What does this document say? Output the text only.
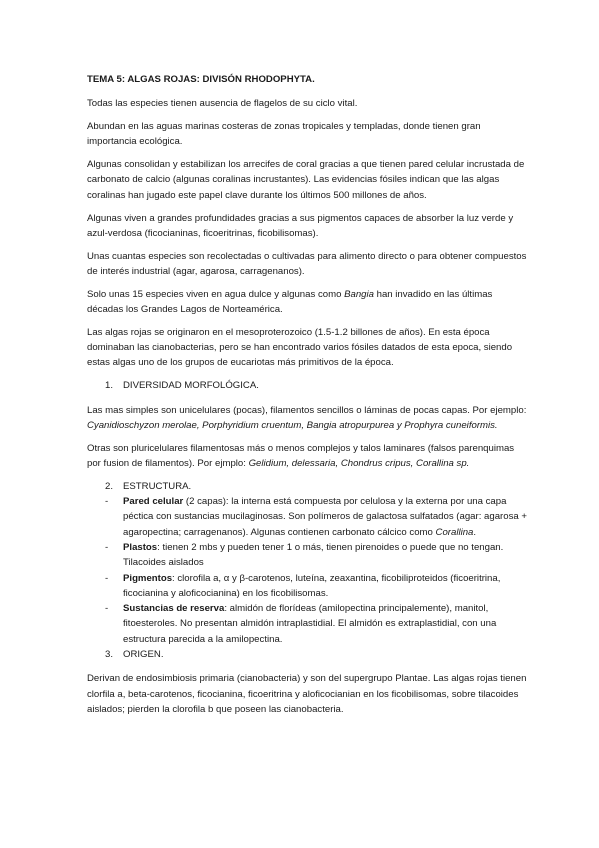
TEMA 5: ALGAS ROJAS: DIVISÓN RHODOPHYTA.

Todas las especies tienen ausencia de flagelos de su ciclo vital.

Abundan en las aguas marinas costeras de zonas tropicales y templadas, donde tienen gran importancia ecológica.

Algunas consolidan y estabilizan los arrecifes de coral gracias a que tienen pared celular incrustada de carbonato de calcio (algunas coralinas incrustantes). Las evidencias fósiles indican que las algas coralinas han jugado este papel clave durante los últimos 500 millones de años.

Algunas viven a grandes profundidades gracias a sus pigmentos capaces de absorber la luz verde y azul-verdosa (ficocianinas, ficoeritrinas, ficobilisomas).

Unas cuantas especies son recolectadas o cultivadas para alimento directo o para obtener compuestos de interés industrial (agar, agarosa, carragenanos).

Solo unas 15 especies viven en agua dulce y algunas como Bangia han invadido en las últimas décadas los Grandes Lagos de Norteamérica.

Las algas rojas se originaron en el mesoproterozoico (1.5-1.2 billones de años). En esta época dominaban las cianobacterias, pero se han encontrado varios fósiles datados de esta epoca, siendo estas algas uno de los grupos de eucariotas más primitivos de la época.

1. DIVERSIDAD MORFOLÓGICA.

Las mas simples son unicelulares (pocas), filamentos sencillos o láminas de pocas capas. Por ejemplo: Cyanidioschyzon merolae, Porphyridium cruentum, Bangia atropurpurea y Prophyra cuneiformis.

Otras son pluricelulares filamentosas más o menos complejos y talos laminares (falsos parenquimas por fusion de filamentos). Por ejmplo: Gelidium, delessaria, Chondrus cripus, Corallina sp.

2. ESTRUCTURA.
- Pared celular (2 capas): la interna está compuesta por celulosa y la externa por una capa péctica con sustancias mucilaginosas. Son polímeros de galactosa sulfatados (agar: agarosa + agaropectina; carragenanos). Algunas contienen carbonato cálcico como Corallina.
- Plastos: tienen 2 mbs y pueden tener 1 o más, tienen pirenoides o puede que no tengan. Tilacoides aislados
- Pigmentos: clorofila a, α y β-carotenos, luteína, zeaxantina, ficobiliproteidos (ficoeritrina, ficocianina y aloficocianina) en los ficobilisomas.
- Sustancias de reserva: almidón de florídeas (amilopectina principalemente), manitol, fitoesteroles. No presentan almidón intraplastidial. El almidón es extraplastidial, con una estructura parecida a la amilopectina.
3. ORIGEN.

Derivan de endosimbiosis primaria (cianobacteria) y son del supergrupo Plantae. Las algas rojas tienen clorfila a, beta-carotenos, ficocianina, ficoeritrina y aloficocianian en los ficobilisomas, sobre tilacoides aislados; pierden la clorofila b que poseen las cianobacteria.
